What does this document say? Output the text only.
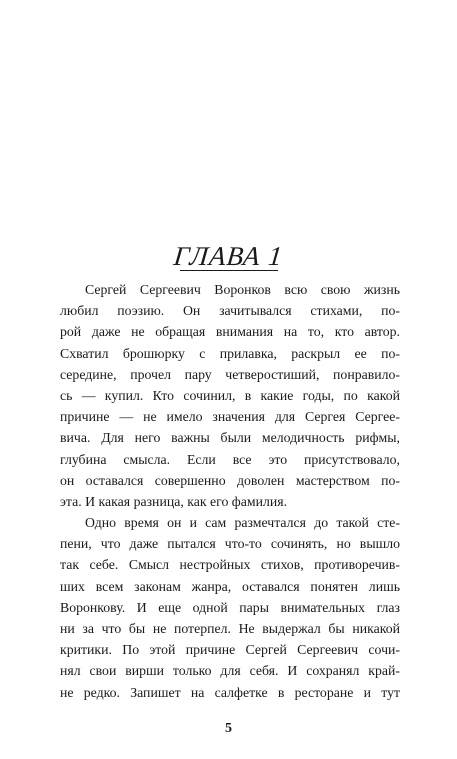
ГЛАВА 1

Сергей Сергеевич Воронков всю свою жизнь
любил поэзию. Он зачитывался стихами, по-
рой даже не обращая внимания на то, кто автор.
Схватил брошюрку с прилавка, раскрыл ее по-
середине, прочел пару четверостиший, понравило-
сь — купил. Кто сочинил, в какие годы, по какой
причине — не имело значения для Сергея Сергее-
вича. Для него важны были мелодичность рифмы,
глубина смысла. Если все это присутствовало,
он оставался совершенно доволен мастерством по-
эта. И какая разница, как его фамилия.

Одно время он и сам размечтался до такой сте-
пени, что даже пытался что-то сочинять, но вышло
так себе. Смысл нестройных стихов, противоречив-
ших всем законам жанра, оставался понятен лишь
Воронкову. И еще одной пары внимательных глаз
ни за что бы не потерпел. Не выдержал бы никакой
критики. По этой причине Сергей Сергеевич сочи-
нял свои вирши только для себя. И сохранял край-
не редко. Запишет на салфетке в ресторане и тут

5
